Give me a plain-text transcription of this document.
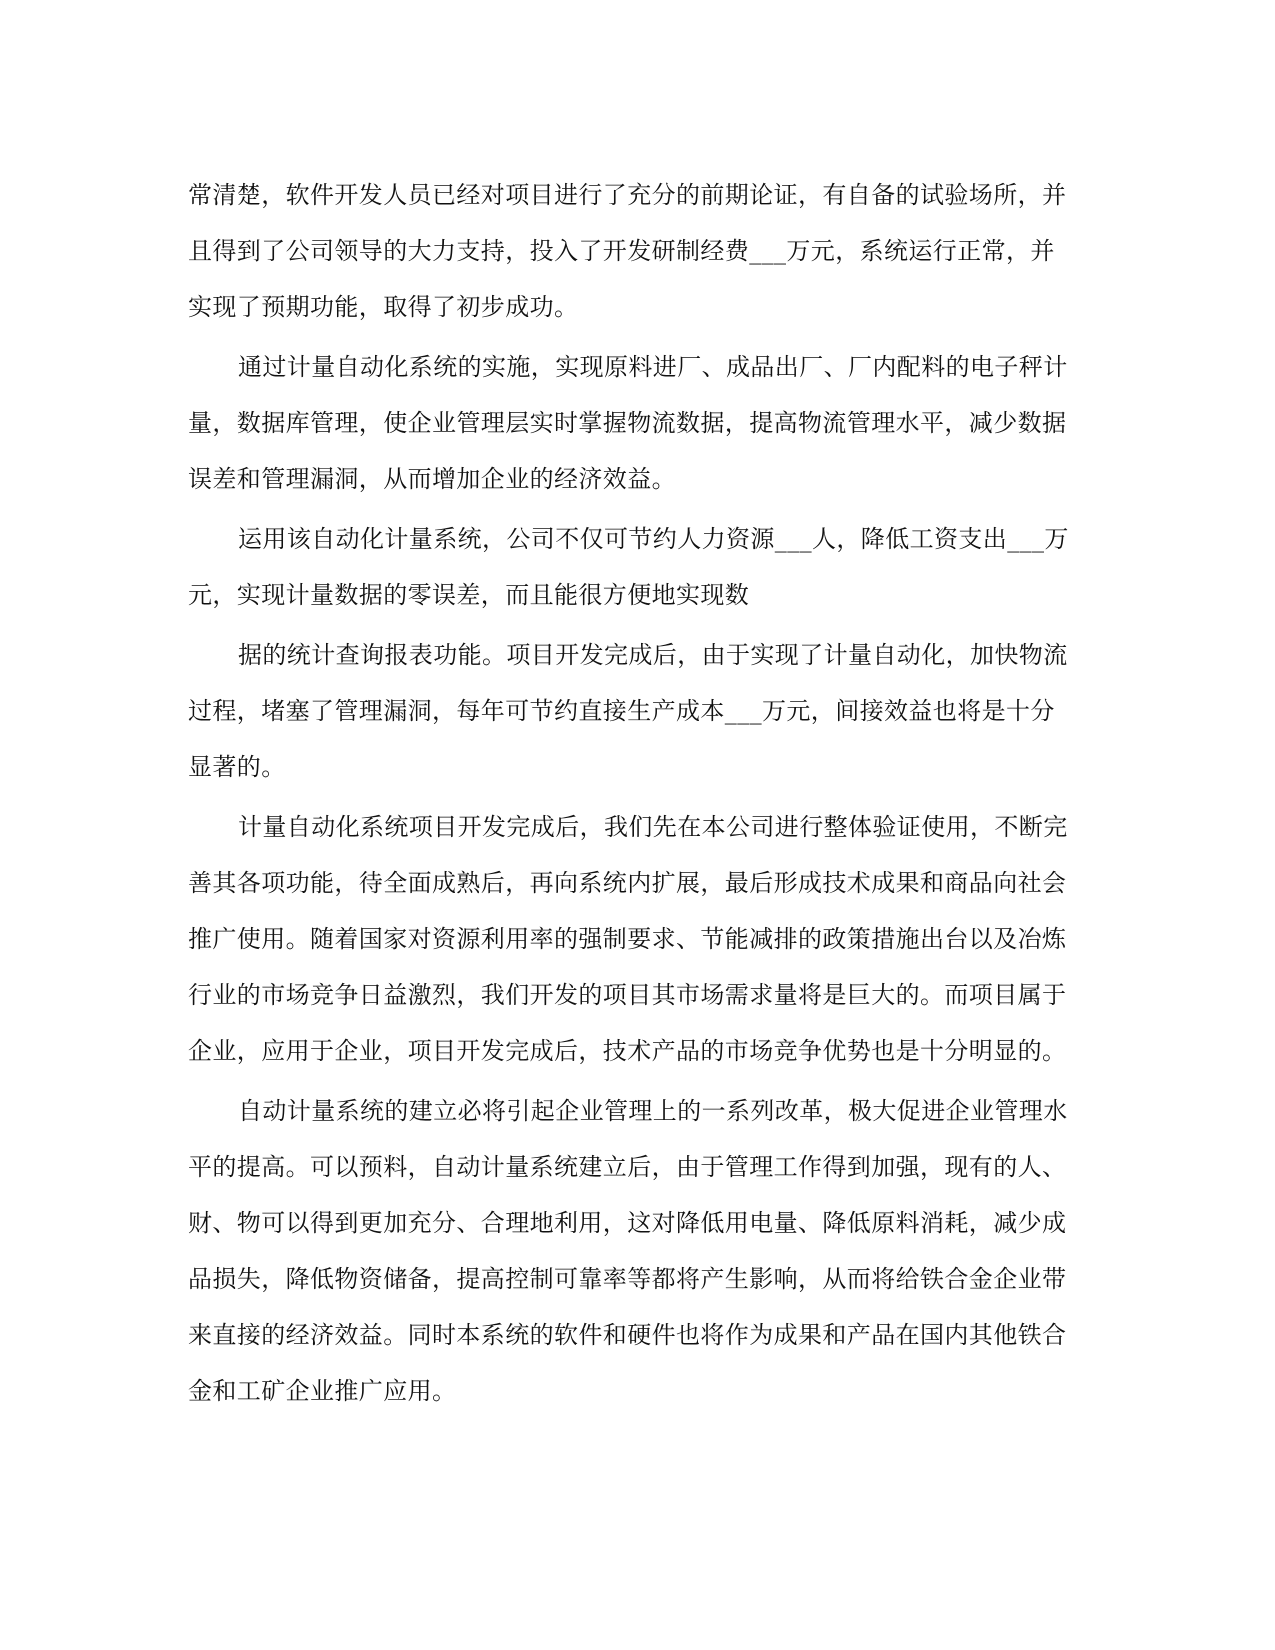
常清楚，软件开发人员已经对项目进行了充分的前期论证，有自备的试验场所，并
且得到了公司领导的大力支持，投入了开发研制经费___万元，系统运行正常，并
实现了预期功能，取得了初步成功。

通过计量自动化系统的实施，实现原料进厂、成品出厂、厂内配料的电子秤计
量，数据库管理，使企业管理层实时掌握物流数据，提高物流管理水平，减少数据
误差和管理漏洞，从而增加企业的经济效益。

运用该自动化计量系统，公司不仅可节约人力资源___人，降低工资支出___万
元，实现计量数据的零误差，而且能很方便地实现数

据的统计查询报表功能。项目开发完成后，由于实现了计量自动化，加快物流
过程，堵塞了管理漏洞，每年可节约直接生产成本___万元，间接效益也将是十分
显著的。

计量自动化系统项目开发完成后，我们先在本公司进行整体验证使用，不断完
善其各项功能，待全面成熟后，再向系统内扩展，最后形成技术成果和商品向社会
推广使用。随着国家对资源利用率的强制要求、节能减排的政策措施出台以及冶炼
行业的市场竞争日益激烈，我们开发的项目其市场需求量将是巨大的。而项目属于
企业，应用于企业，项目开发完成后，技术产品的市场竞争优势也是十分明显的。

自动计量系统的建立必将引起企业管理上的一系列改革，极大促进企业管理水
平的提高。可以预料，自动计量系统建立后，由于管理工作得到加强，现有的人、
财、物可以得到更加充分、合理地利用，这对降低用电量、降低原料消耗，减少成
品损失，降低物资储备，提高控制可靠率等都将产生影响，从而将给铁合金企业带
来直接的经济效益。同时本系统的软件和硬件也将作为成果和产品在国内其他铁合
金和工矿企业推广应用。
